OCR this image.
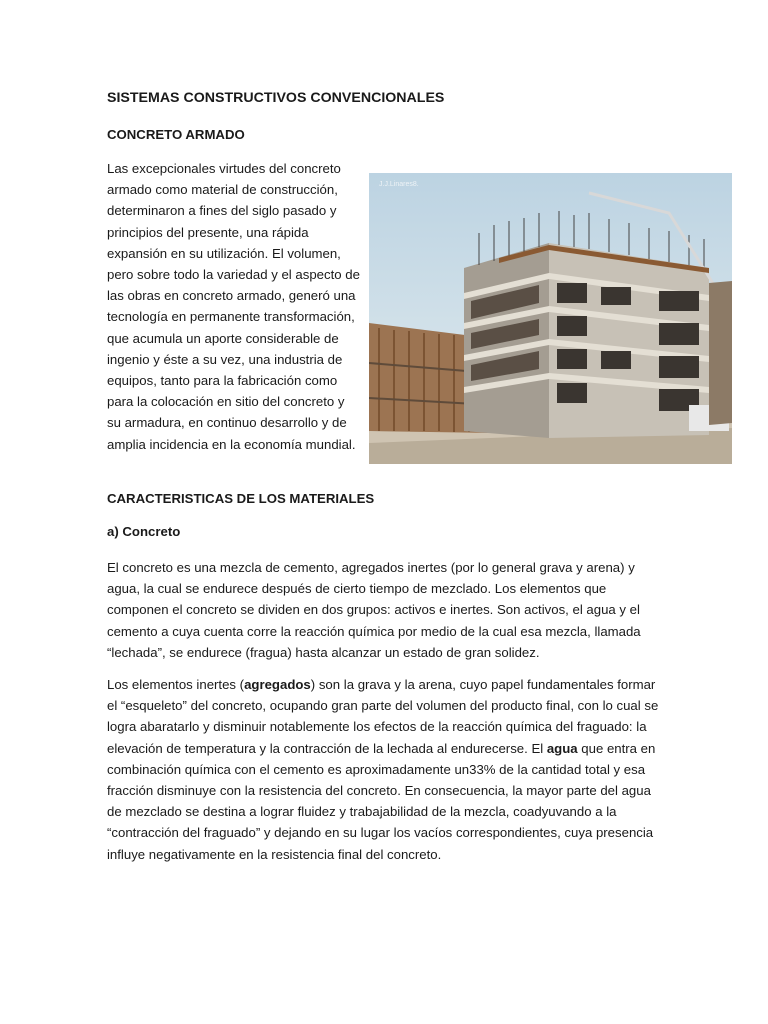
SISTEMAS CONSTRUCTIVOS CONVENCIONALES
CONCRETO ARMADO

Las excepcionales virtudes del concreto armado como material de construcción, determinaron a fines del siglo pasado y principios del presente, una rápida expansión en su utilización. El volumen, pero sobre todo la variedad y el aspecto de las obras en concreto armado, generó una tecnología en permanente transformación, que acumula un aporte considerable de ingenio y éste a su vez, una industria de equipos, tanto para la fabricación como para la colocación en sitio del concreto y su armadura, en continuo desarrollo y de amplia incidencia en la economía mundial.

J.J.Linares8.
CARACTERISTICAS DE LOS MATERIALES
a) Concreto

El concreto es una mezcla de cemento, agregados inertes (por lo general grava y arena) y agua, la cual se endurece después de cierto tiempo de mezclado. Los elementos que componen el concreto se dividen en dos grupos: activos e inertes. Son activos, el agua y el cemento a cuya cuenta corre la reacción química por medio de la cual esa mezcla, llamada “lechada”, se endurece (fragua) hasta alcanzar un estado de gran solidez.

Los elementos inertes (agregados) son la grava y la arena, cuyo papel fundamentales formar el “esqueleto” del concreto, ocupando gran parte del volumen del producto final, con lo cual se logra abaratarlo y disminuir notablemente los efectos de la reacción química del fraguado: la elevación de temperatura y la contracción de la lechada al endurecerse. El agua que entra en combinación química con el cemento es aproximadamente un33% de la cantidad total y esa fracción disminuye con la resistencia del concreto. En consecuencia, la mayor parte del agua de mezclado se destina a lograr fluidez y trabajabilidad de la mezcla, coadyuvando a la “contracción del fraguado” y dejando en su lugar los vacíos correspondientes, cuya presencia influye negativamente en la resistencia final del concreto.
